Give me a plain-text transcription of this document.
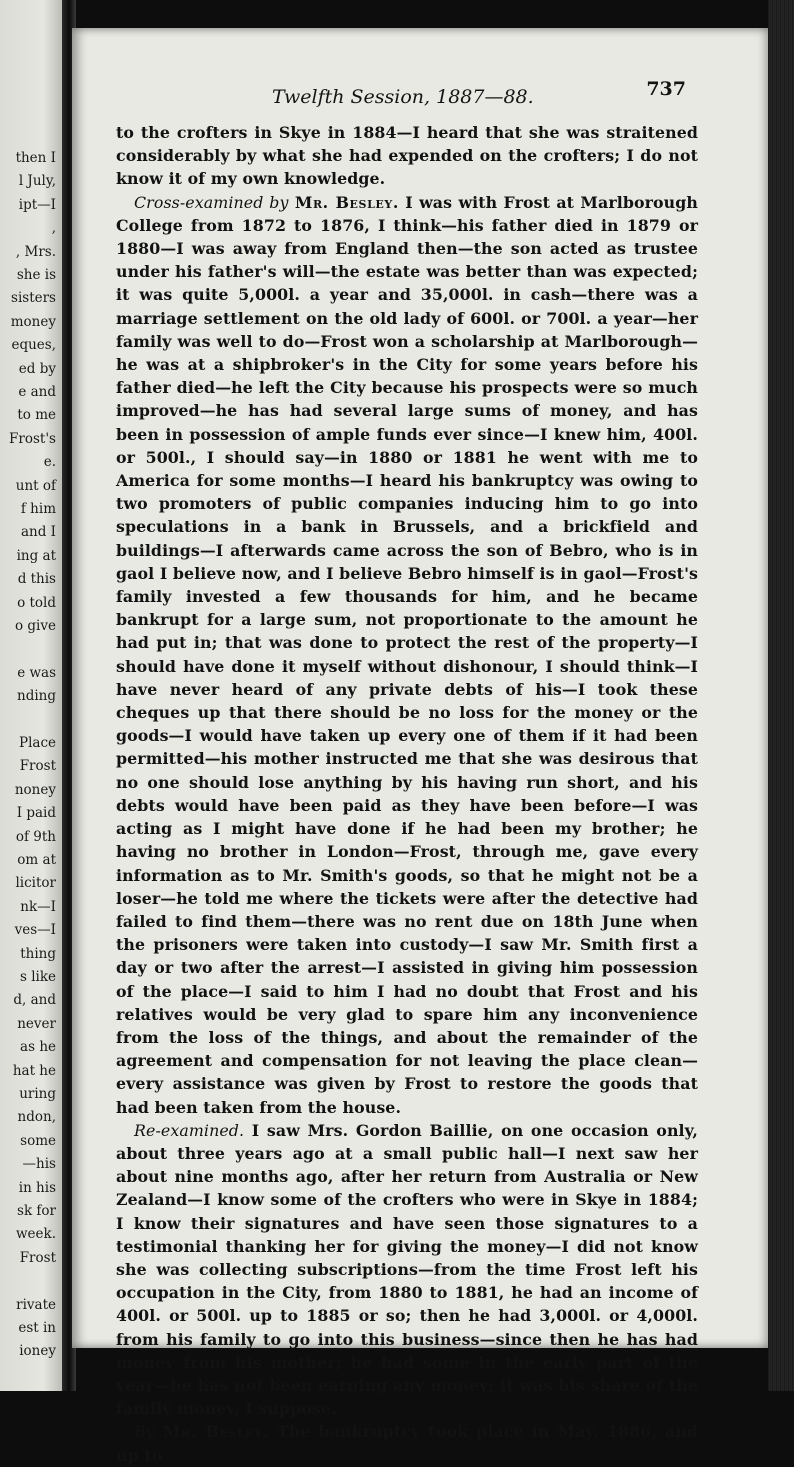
then I
l July,
ipt—I
,
, Mrs.
she is
sisters
money
eques,
ed by
e and
to me
Frost's
e.
unt of
f him
and I
ing at
d this
o told
o give
e was
nding
Place
Frost
noney
I paid
of 9th
om at
licitor
nk—I
ves—I
thing
s like
d, and
never
as he
hat he
uring
ndon,
some
—his
in his
sk for
week.
Frost
rivate
est in
ioney
Twelfth Session, 1887—88.	737

to the crofters in Skye in 1884—I heard that she was straitened considerably by what she had expended on the crofters; I do not know it of my own knowledge.

Cross-examined by Mr. Besley. I was with Frost at Marlborough College from 1872 to 1876, I think—his father died in 1879 or 1880—I was away from England then—the son acted as trustee under his father's will—the estate was better than was expected; it was quite 5,000l. a year and 35,000l. in cash—there was a marriage settlement on the old lady of 600l. or 700l. a year—her family was well to do—Frost won a scholarship at Marlborough—he was at a shipbroker's in the City for some years before his father died—he left the City because his prospects were so much improved—he has had several large sums of money, and has been in possession of ample funds ever since—I knew him, 400l. or 500l., I should say—in 1880 or 1881 he went with me to America for some months—I heard his bankruptcy was owing to two promoters of public companies inducing him to go into speculations in a bank in Brussels, and a brickfield and buildings—I afterwards came across the son of Bebro, who is in gaol I believe now, and I believe Bebro himself is in gaol—Frost's family invested a few thousands for him, and he became bankrupt for a large sum, not proportionate to the amount he had put in; that was done to protect the rest of the property—I should have done it myself without dishonour, I should think—I have never heard of any private debts of his—I took these cheques up that there should be no loss for the money or the goods—I would have taken up every one of them if it had been permitted—his mother instructed me that she was desirous that no one should lose anything by his having run short, and his debts would have been paid as they have been before—I was acting as I might have done if he had been my brother; he having no brother in London—Frost, through me, gave every information as to Mr. Smith's goods, so that he might not be a loser—he told me where the tickets were after the detective had failed to find them—there was no rent due on 18th June when the prisoners were taken into custody—I saw Mr. Smith first a day or two after the arrest—I assisted in giving him possession of the place—I said to him I had no doubt that Frost and his relatives would be very glad to spare him any inconvenience from the loss of the things, and about the remainder of the agreement and compensation for not leaving the place clean—every assistance was given by Frost to restore the goods that had been taken from the house.

Re-examined. I saw Mrs. Gordon Baillie, on one occasion only, about three years ago at a small public hall—I next saw her about nine months ago, after her return from Australia or New Zealand—I know some of the crofters who were in Skye in 1884; I know their signatures and have seen those signatures to a testimonial thanking her for giving the money—I did not know she was collecting subscriptions—from the time Frost left his occupation in the City, from 1880 to 1881, he had an income of 400l. or 500l. up to 1885 or so; then he had 3,000l. or 4,000l. from his family to go into this business—since then he has had money from his mother; he had some in the early part of the year—he has not been earning any money; it was his share of the family money, I suppose.

By Mr. Besley. The bankruptcy took place in May, 1886, and up to
